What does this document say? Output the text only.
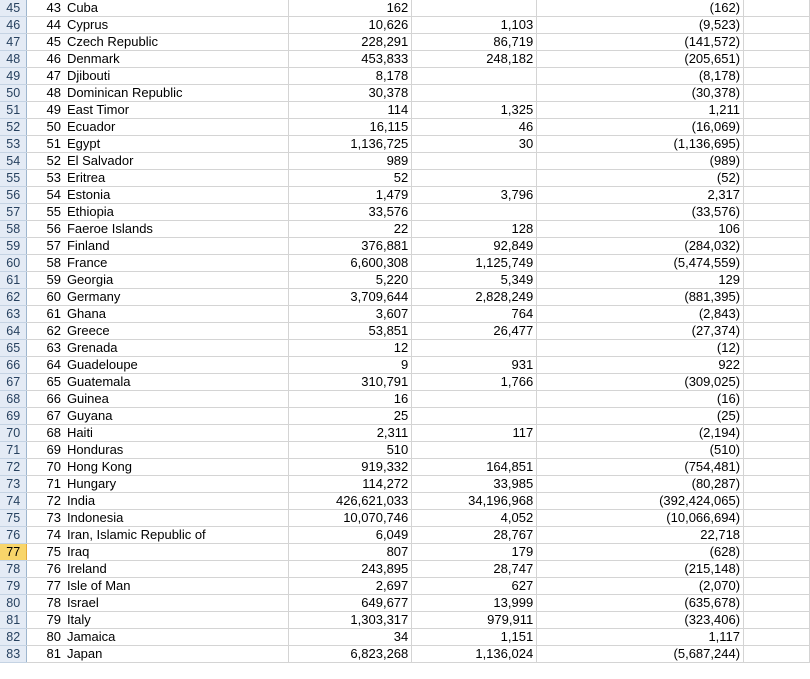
45	43	Cuba	162		(162)	
46	44	Cyprus	10,626	1,103	(9,523)	
47	45	Czech Republic	228,291	86,719	(141,572)	
48	46	Denmark	453,833	248,182	(205,651)	
49	47	Djibouti	8,178		(8,178)	
50	48	Dominican Republic	30,378		(30,378)	
51	49	East Timor	114	1,325	1,211	
52	50	Ecuador	16,115	46	(16,069)	
53	51	Egypt	1,136,725	30	(1,136,695)	
54	52	El Salvador	989		(989)	
55	53	Eritrea	52		(52)	
56	54	Estonia	1,479	3,796	2,317	
57	55	Ethiopia	33,576		(33,576)	
58	56	Faeroe Islands	22	128	106	
59	57	Finland	376,881	92,849	(284,032)	
60	58	France	6,600,308	1,125,749	(5,474,559)	
61	59	Georgia	5,220	5,349	129	
62	60	Germany	3,709,644	2,828,249	(881,395)	
63	61	Ghana	3,607	764	(2,843)	
64	62	Greece	53,851	26,477	(27,374)	
65	63	Grenada	12		(12)	
66	64	Guadeloupe	9	931	922	
67	65	Guatemala	310,791	1,766	(309,025)	
68	66	Guinea	16		(16)	
69	67	Guyana	25		(25)	
70	68	Haiti	2,311	117	(2,194)	
71	69	Honduras	510		(510)	
72	70	Hong Kong	919,332	164,851	(754,481)	
73	71	Hungary	114,272	33,985	(80,287)	
74	72	India	426,621,033	34,196,968	(392,424,065)	
75	73	Indonesia	10,070,746	4,052	(10,066,694)	
76	74	Iran, Islamic Republic of	6,049	28,767	22,718	
77	75	Iraq	807	179	(628)	
78	76	Ireland	243,895	28,747	(215,148)	
79	77	Isle of Man	2,697	627	(2,070)	
80	78	Israel	649,677	13,999	(635,678)	
81	79	Italy	1,303,317	979,911	(323,406)	
82	80	Jamaica	34	1,151	1,117	
83	81	Japan	6,823,268	1,136,024	(5,687,244)	
